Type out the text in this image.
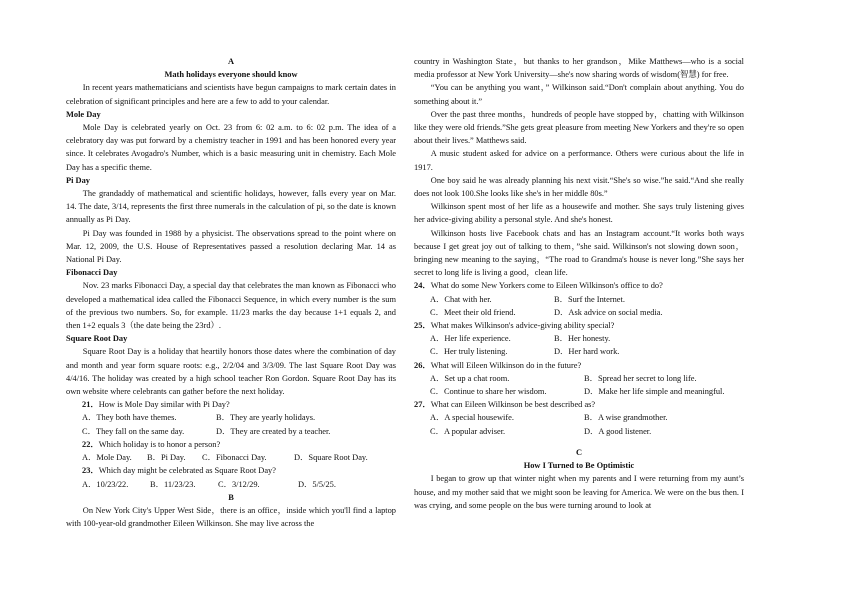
A
Math holidays everyone should know

In recent years mathematicians and scientists have begun campaigns to mark certain dates in celebration of significant principles and here are a few to add to your calendar.

Mole Day

Mole Day is celebrated yearly on Oct. 23 from 6: 02 a.m. to 6: 02 p.m. The idea of a celebratory day was put forward by a chemistry teacher in 1991 and has been honored every year since. It celebrates Avogadro's Number, which is a basic measuring unit in chemistry. Each Mole Day has a specific theme.

Pi Day

The grandaddy of mathematical and scientific holidays, however, falls every year on Mar. 14. The date, 3/14, represents the first three numerals in the calculation of pi, so the date is known annually as Pi Day.

Pi Day was founded in 1988 by a physicist. The observations spread to the point where on Mar. 12, 2009, the U.S. House of Representatives passed a resolution declaring Mar. 14 as National Pi Day.

Fibonacci Day

Nov. 23 marks Fibonacci Day, a special day that celebrates the man known as Fibonacci who developed a mathematical idea called the Fibonacci Sequence, in which every number is the sum of the previous two numbers. So, for example. 11/23 marks the day because 1+1 equals 2, and then 1+2 equals 3（the date being the 23rd）.

Square Root Day

Square Root Day is a holiday that heartily honors those dates where the combination of day and month and year form square roots: e.g., 2/2/04 and 3/3/09. The last Square Root Day was 4/4/16. The holiday was created by a high school teacher Ron Gordon. Square Root Day has its own website where celebrants can gather before the next holiday.

21．How is Mole Day similar with Pi Day?
A．They both have themes.	B．They are yearly holidays.
C．They fall on the same day.	D．They are created by a teacher.
22．Which holiday is to honor a person?
A．Mole Day.	B．Pi Day.	C．Fibonacci Day.	D．Square Root Day.
23．Which day might be celebrated as Square Root Day?
A．10/23/22.	B．11/23/23.	C．3/12/29.	D．5/5/25.
B

On New York City's Upper West Side，there is an office，inside which you'll find a laptop with 100-year-old grandmother Eileen Wilkinson. She may live across the

country in Washington State，but thanks to her grandson，Mike Matthews—who is a social media professor at New York University—she's now sharing words of wisdom(智慧) for free.

“You can be anything you want，” Wilkinson said.“Don't complain about anything. You do something about it.”

Over the past three months，hundreds of people have stopped by，chatting with Wilkinson like they were old friends.”She gets great pleasure from meeting New Yorkers and they're so open about their lives.” Matthews said.

A music student asked for advice on a performance. Others were curious about the life in 1917.

One boy said he was already planning his next visit.“She's so wise.”he said.“And she really does not look 100.She looks like she's in her middle 80s.”

Wilkinson spent most of her life as a housewife and mother. She says truly listening gives her advice-giving ability a personal style. And she's honest.

Wilkinson hosts live Facebook chats and has an Instagram account.“It works both ways because I get great joy out of talking to them，”she said. Wilkinson's not slowing down soon，bringing new meaning to the saying，“The road to Grandma's house is never long.”She says her secret to long life is living a good，clean life.

24．What do some New Yorkers come to Eileen Wilkinson's office to do?
A．Chat with her.	B．Surf the Internet.
C．Meet their old friend.	D．Ask advice on social media.
25．What makes Wilkinson's advice-giving ability special?
A．Her life experience.	B．Her honesty.
C．Her truly listening.	D．Her hard work.
26．What will Eileen Wilkinson do in the future?
A．Set up a chat room.	B．Spread her secret to long life.
C．Continue to share her wisdom.	D．Make her life simple and meaningful.
27．What can Eileen Wilkinson be best described as?
A．A special housewife.	B．A wise grandmother.
C．A popular adviser.	D．A good listener.
C
How I Turned to Be Optimistic

I began to grow up that winter night when my parents and I were returning from my aunt’s house, and my mother said that we might soon be leaving for America. We were on the bus then. I was crying, and some people on the bus were turning around to look at
